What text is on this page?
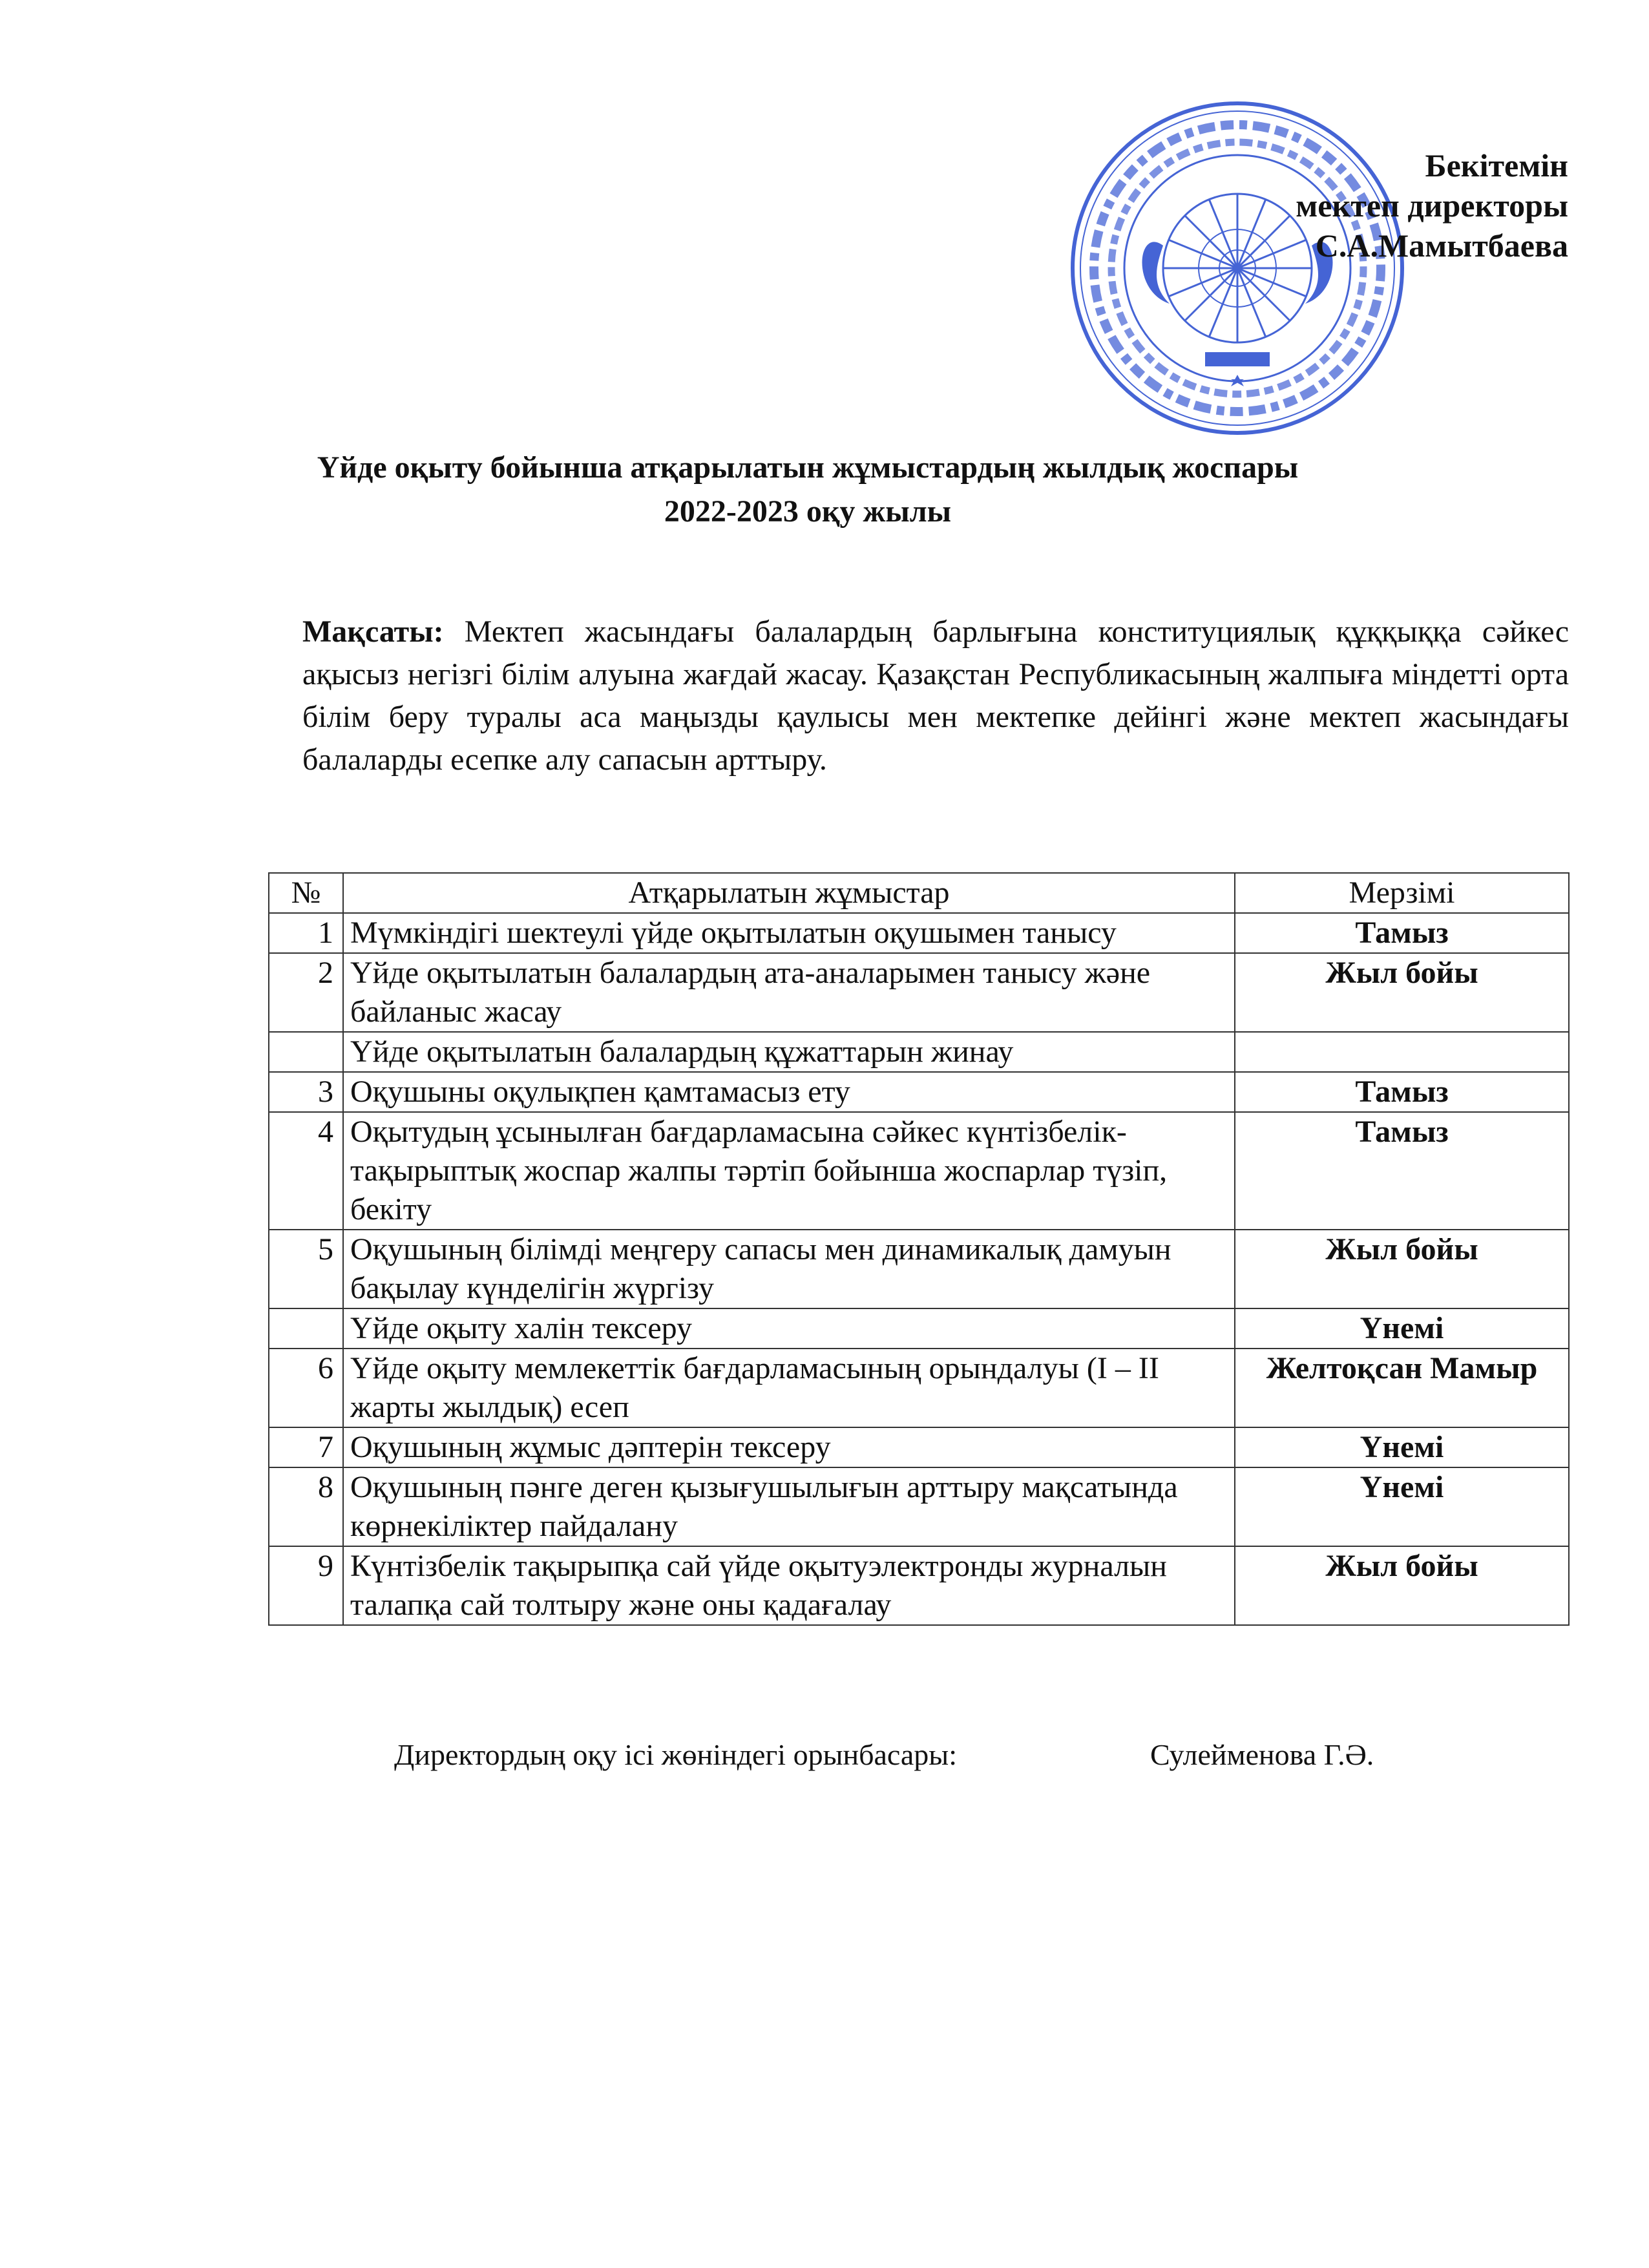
Бекітемін
мектеп директоры
С.А.Мамытбаева
Үйде оқыту бойынша атқарылатын жұмыстардың жылдық жоспары
2022-2023 оқу жылы
Мақсаты: Мектеп жасындағы балалардың барлығына конституциялық құққыққа сәйкес ақысыз негізгі білім алуына жағдай жасау. Қазақстан Республикасының жалпыға міндетті орта білім беру туралы аса маңызды қаулысы мен мектепке дейінгі және мектеп жасындағы балаларды есепке алу сапасын арттыру.
№	Атқарылатын жұмыстар	Мерзімі
1	Мүмкіндігі шектеулі үйде оқытылатын оқушымен танысу	Тамыз
2	Үйде оқытылатын балалардың ата-аналарымен танысу және байланыс жасау	Жыл бойы
	Үйде оқытылатын балалардың құжаттарын жинау	
3	Оқушыны оқулықпен қамтамасыз ету	Тамыз
4	Оқытудың ұсынылған бағдарламасына сәйкес күнтізбелік-тақырыптық жоспар жалпы тәртіп бойынша жоспарлар түзіп, бекіту	Тамыз
5	Оқушының білімді меңгеру сапасы мен динамикалық дамуын бақылау күнделігін жүргізу	Жыл бойы
	Үйде оқыту халін тексеру	Үнемі
6	Үйде оқыту мемлекеттік бағдарламасының орындалуы (І – ІІ жарты жылдық) есеп	Желтоқсан Мамыр
7	Оқушының жұмыс дәптерін тексеру	Үнемі
8	Оқушының пәнге деген қызығушылығын арттыру мақсатында көрнекіліктер пайдалану	Үнемі
9	Күнтізбелік тақырыпқа сай үйде оқытуэлектронды журналын талапқа сай толтыру және оны қадағалау	Жыл бойы
Директордың оқу ісі жөніндегі орынбасары:	Сулейменова Г.Ә.
